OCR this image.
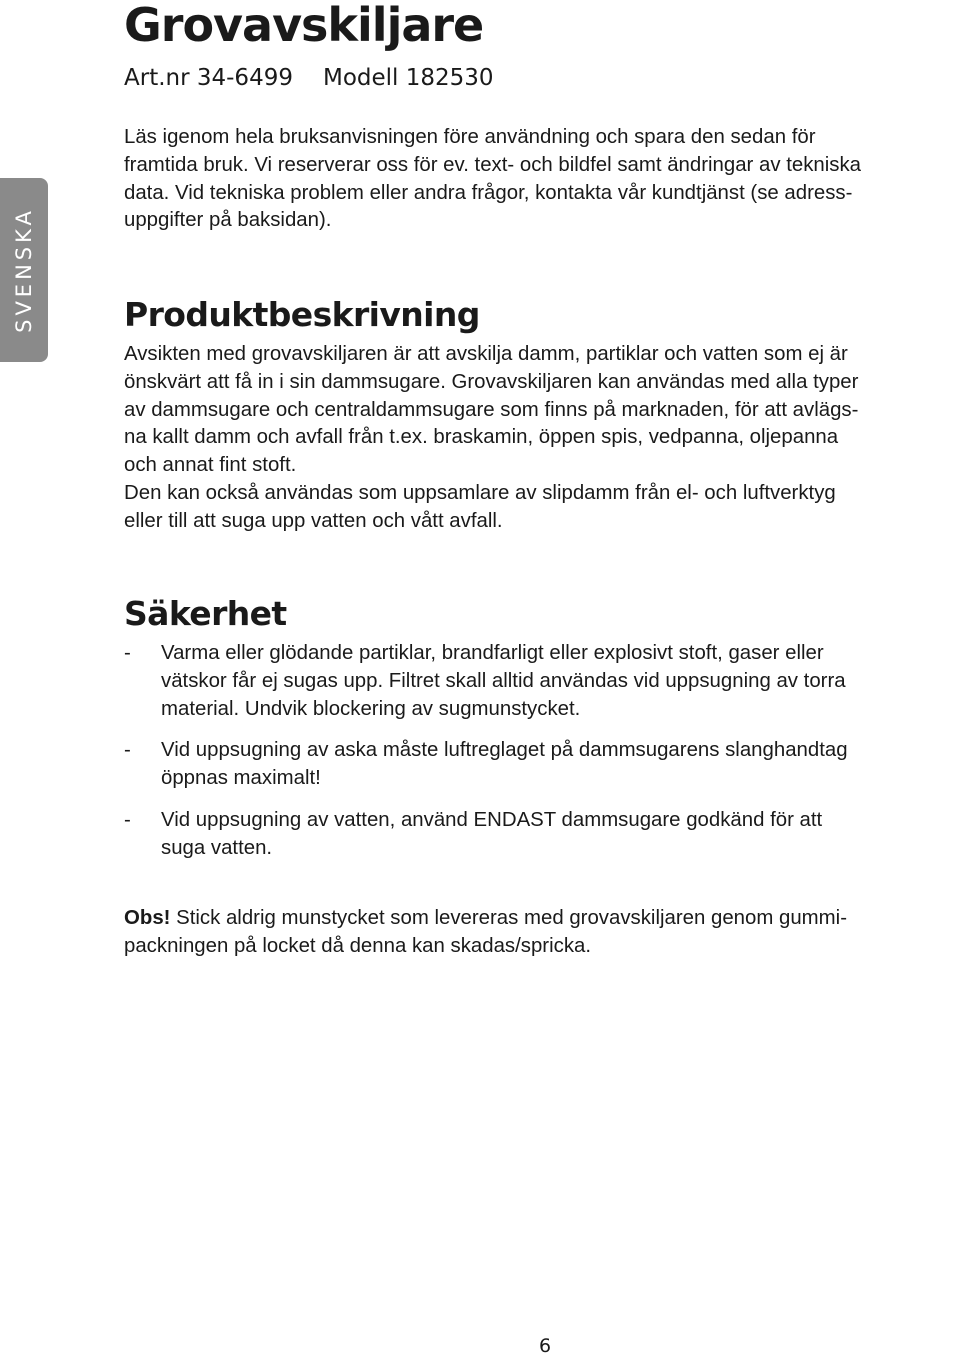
SVENSKA
Grovavskiljare
Art.nr 34-6499 Modell 182530

Läs igenom hela bruksanvisningen före användning och spara den sedan för

framtida bruk. Vi reserverar oss för ev. text- och bildfel samt ändringar av tekniska

data. Vid tekniska problem eller andra frågor, kontakta vår kundtjänst (se adress-

uppgifter på baksidan).

Produktbeskrivning

Avsikten med grovavskiljaren är att avskilja damm, partiklar och vatten som ej är

önskvärt att få in i sin dammsugare. Grovavskiljaren kan användas med alla typer

av dammsugare och centraldammsugare som finns på marknaden, för att avlägs-

na kallt damm och avfall från t.ex. braskamin, öppen spis, vedpanna, oljepanna

och annat fint stoft.

Den kan också användas som uppsamlare av slipdamm från el- och luftverktyg

eller till att suga upp vatten och vått avfall.

Säkerhet
- Varma eller glödande partiklar, brandfarligt eller explosivt stoft, gaser eller

vätskor får ej sugas upp. Filtret skall alltid användas vid uppsugning av torra

material. Undvik blockering av sugmunstycket.

- Vid uppsugning av aska måste luftreglaget på dammsugarens slanghandtag

öppnas maximalt!

- Vid uppsugning av vatten, använd ENDAST dammsugare godkänd för att

suga vatten.

Obs! Stick aldrig munstycket som levereras med grovavskiljaren genom gummi-

packningen på locket då denna kan skadas/spricka.

6
